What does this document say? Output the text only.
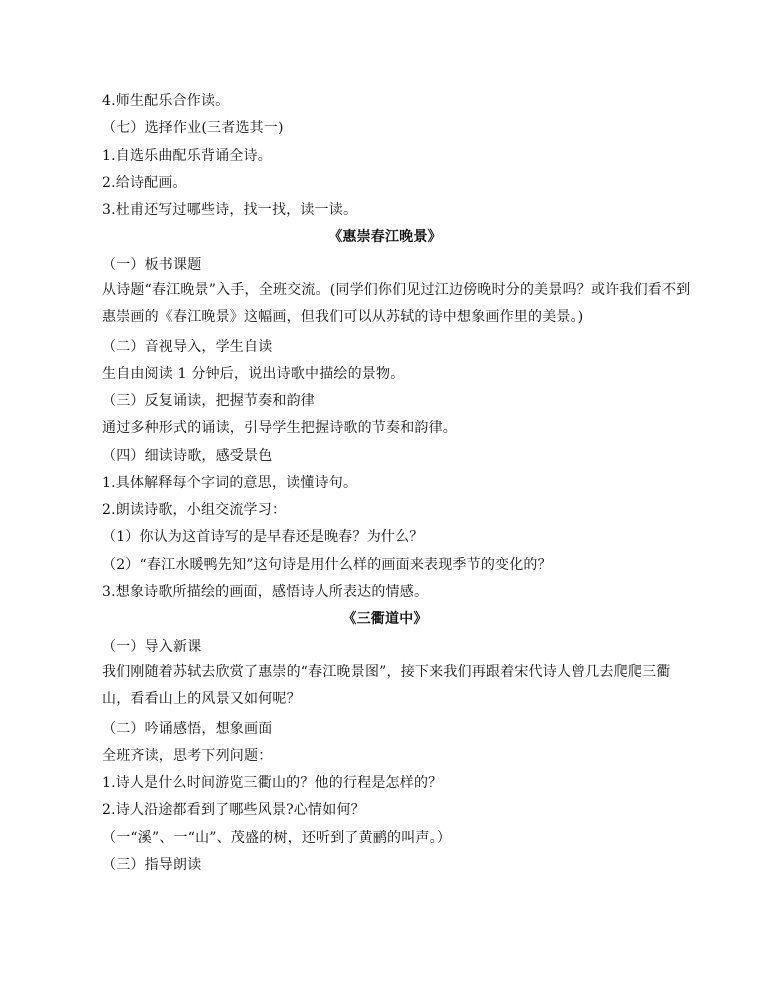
4.师生配乐合作读。
（七）选择作业(三者选其一)
1.自选乐曲配乐背诵全诗。
2.给诗配画。
3.杜甫还写过哪些诗，找一找，读一读。
《惠崇春江晚景》
（一）板书课题
从诗题“春江晚景”入手，全班交流。(同学们你们见过江边傍晚时分的美景吗？或许我们看不到惠崇画的《春江晚景》这幅画，但我们可以从苏轼的诗中想象画作里的美景。)
（二）音视导入，学生自读
生自由阅读 1 分钟后，说出诗歌中描绘的景物。
（三）反复诵读，把握节奏和韵律
通过多种形式的诵读，引导学生把握诗歌的节奏和韵律。
（四）细读诗歌，感受景色
1.具体解释每个字词的意思，读懂诗句。
2.朗读诗歌，小组交流学习：
（1）你认为这首诗写的是早春还是晚春？为什么？
（2）“春江水暖鸭先知”这句诗是用什么样的画面来表现季节的变化的？
3.想象诗歌所描绘的画面，感悟诗人所表达的情感。
《三衢道中》
（一）导入新课
我们刚随着苏轼去欣赏了惠崇的“春江晚景图”，接下来我们再跟着宋代诗人曾几去爬爬三衢山，看看山上的风景又如何呢？
（二）吟诵感悟，想象画面
全班齐读，思考下列问题：
1.诗人是什么时间游览三衢山的？他的行程是怎样的？
2.诗人沿途都看到了哪些风景?心情如何？
（一“溪”、一“山”、茂盛的树，还听到了黄鹂的叫声。）
（三）指导朗读
